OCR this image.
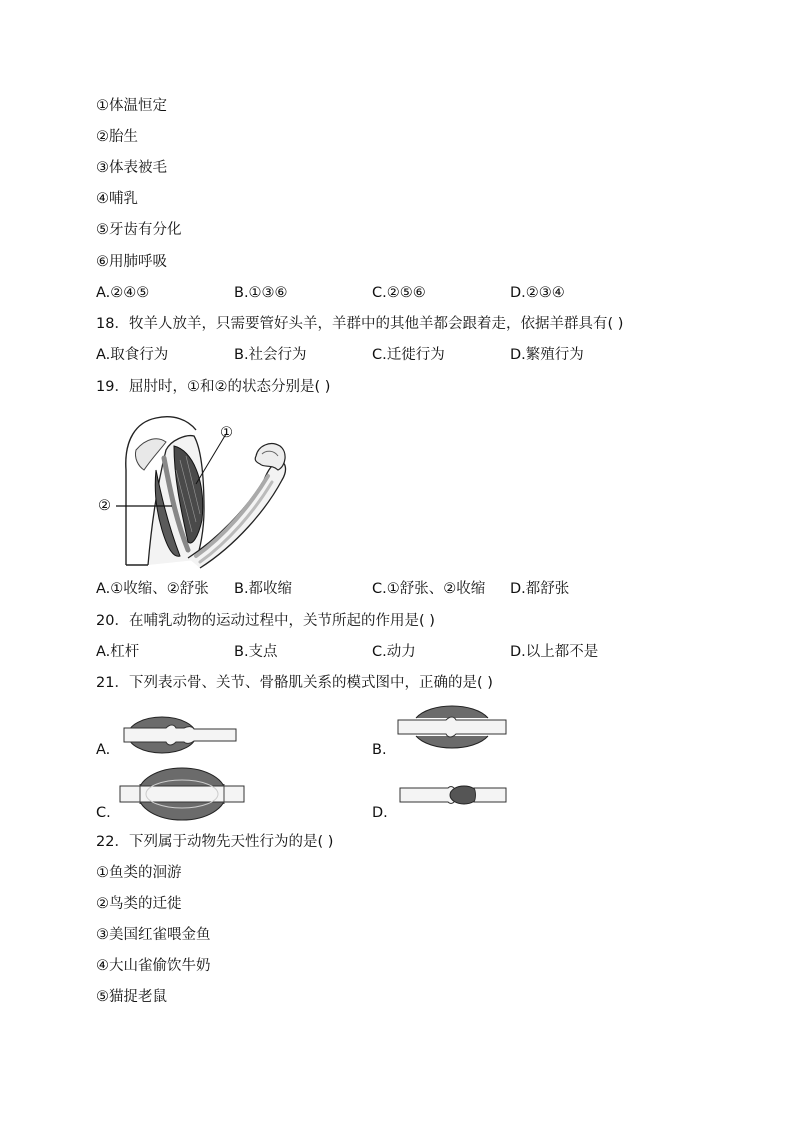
①体温恒定
②胎生
③体表被毛
④哺乳
⑤牙齿有分化
⑥用肺呼吸
A.②④⑤	B.①③⑥	C.②⑤⑥	D.②③④
18．牧羊人放羊，只需要管好头羊，羊群中的其他羊都会跟着走，依据羊群具有( )
A.取食行为	B.社会行为	C.迁徙行为	D.繁殖行为
19．屈肘时，①和②的状态分别是( )
①
②
A.①收缩、②舒张 B.都收缩	C.①舒张、②收缩 D.都舒张
20．在哺乳动物的运动过程中，关节所起的作用是( )
A.杠杆	B.支点	C.动力	D.以上都不是
21．下列表示骨、关节、骨骼肌关系的模式图中，正确的是( )
A.	B.
C.	D.
22．下列属于动物先天性行为的是( )
①鱼类的洄游
②鸟类的迁徙
③美国红雀喂金鱼
④大山雀偷饮牛奶
⑤猫捉老鼠
